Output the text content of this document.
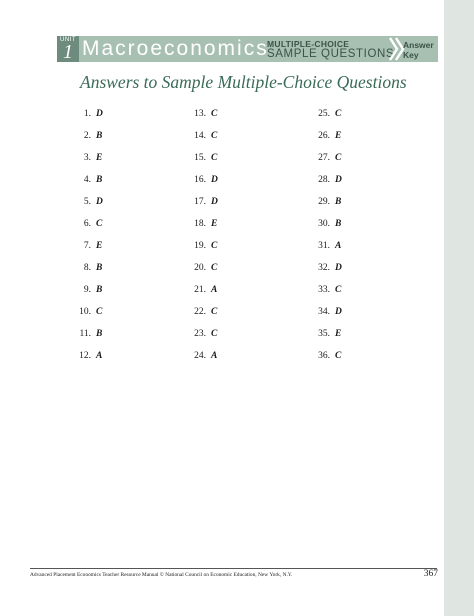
UNIT
1 Macroeconomics
MULTIPLE-CHOICE
SAMPLE QUESTIONS
Answer
Key
Answers to Sample Multiple-Choice Questions
1. D
2. B
3. E
4. B
5. D
6. C
7. E
8. B
9. B
10. C
11. B
12. A
13. C
14. C
15. C
16. D
17. D
18. E
19. C
20. C
21. A
22. C
23. C
24. A
25. C
26. E
27. C
28. D
29. B
30. B
31. A
32. D
33. C
34. D
35. E
36. C
Advanced Placement Economics Teacher Resource Manual © National Council on Economic Education, New York, N.Y.	367
